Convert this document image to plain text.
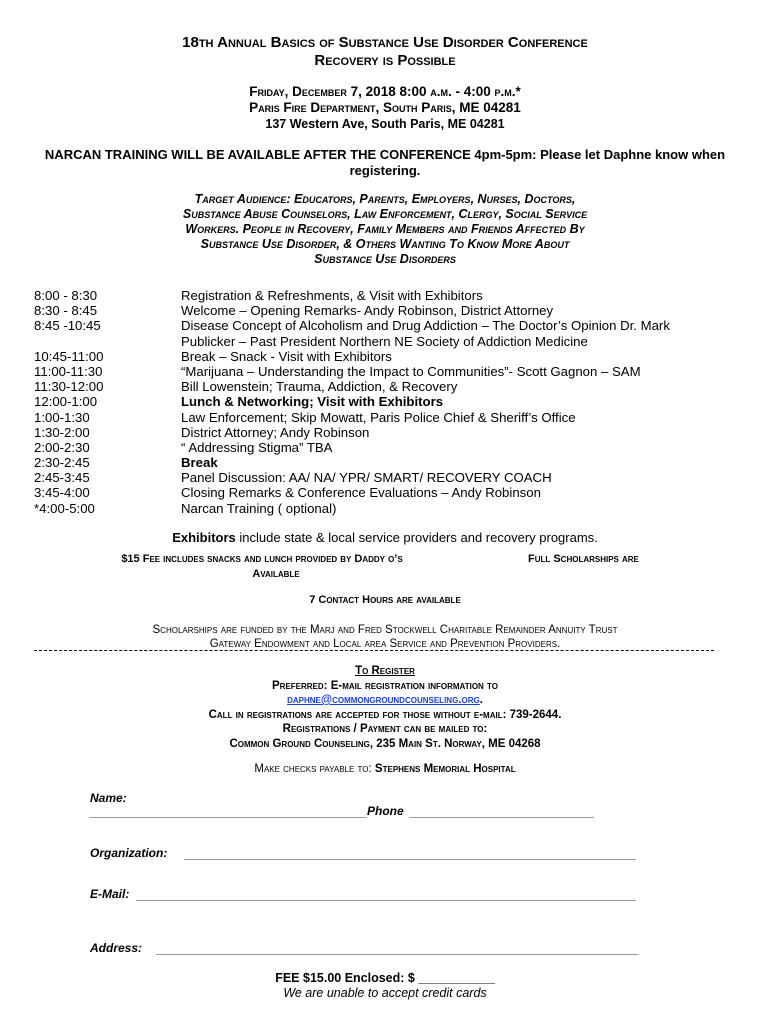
18th Annual Basics of Substance Use Disorder Conference
Recovery is Possible
Friday, December 7, 2018 8:00 a.m. - 4:00 p.m.*
Paris Fire Department, South Paris, ME 04281
137 Western Ave, South Paris, ME 04281
NARCAN TRAINING WILL BE AVAILABLE AFTER THE CONFERENCE 4pm-5pm: Please let Daphne know when registering.
Target Audience: Educators, Parents, Employers, Nurses, Doctors,
Substance Abuse Counselors, Law Enforcement, Clergy, Social Service
Workers. People in Recovery, Family Members and Friends Affected By
Substance Use Disorder, & Others Wanting To Know More About
Substance Use Disorders
8:00 - 8:30	Registration & Refreshments, & Visit with Exhibitors
8:30 - 8:45	Welcome – Opening Remarks- Andy Robinson, District Attorney
8:45 -10:45	Disease Concept of Alcoholism and Drug Addiction – The Doctor’s Opinion Dr. Mark Publicker – Past President Northern NE Society of Addiction Medicine
10:45-11:00	Break – Snack - Visit with Exhibitors
11:00-11:30	“Marijuana – Understanding the Impact to Communities”- Scott Gagnon – SAM
11:30-12:00	Bill Lowenstein; Trauma, Addiction, & Recovery
12:00-1:00	Lunch & Networking; Visit with Exhibitors
1:00-1:30	Law Enforcement; Skip Mowatt, Paris Police Chief & Sheriff’s Office
1:30-2:00	District Attorney; Andy Robinson
2:00-2:30	“ Addressing Stigma” TBA
2:30-2:45	Break
2:45-3:45	Panel Discussion: AA/ NA/ YPR/ SMART/ RECOVERY COACH
3:45-4:00	Closing Remarks & Conference Evaluations – Andy Robinson
*4:00-5:00	Narcan Training ( optional)
Exhibitors include state & local service providers and recovery programs.
$15 Fee includes snacks and lunch provided by Daddy o’s
Available
Full Scholarships are
7 Contact Hours are available
Scholarships are funded by the Marj and Fred Stockwell Charitable Remainder Annuity Trust
Gateway Endowment and Local area Service and Prevention Providers.
To Register
Preferred: E-mail registration information to
daphne@commongroundcounseling.org.
Call in registrations are accepted for those without e-mail: 739-2644.
Registrations / Payment can be mailed to:
Common Ground Counseling, 235 Main St. Norway, ME 04268
Make checks payable to: Stephens Memorial Hospital
Name:
Phone
Organization:
E-Mail:
Address:
FEE $15.00 Enclosed: $ ___________
We are unable to accept credit cards
